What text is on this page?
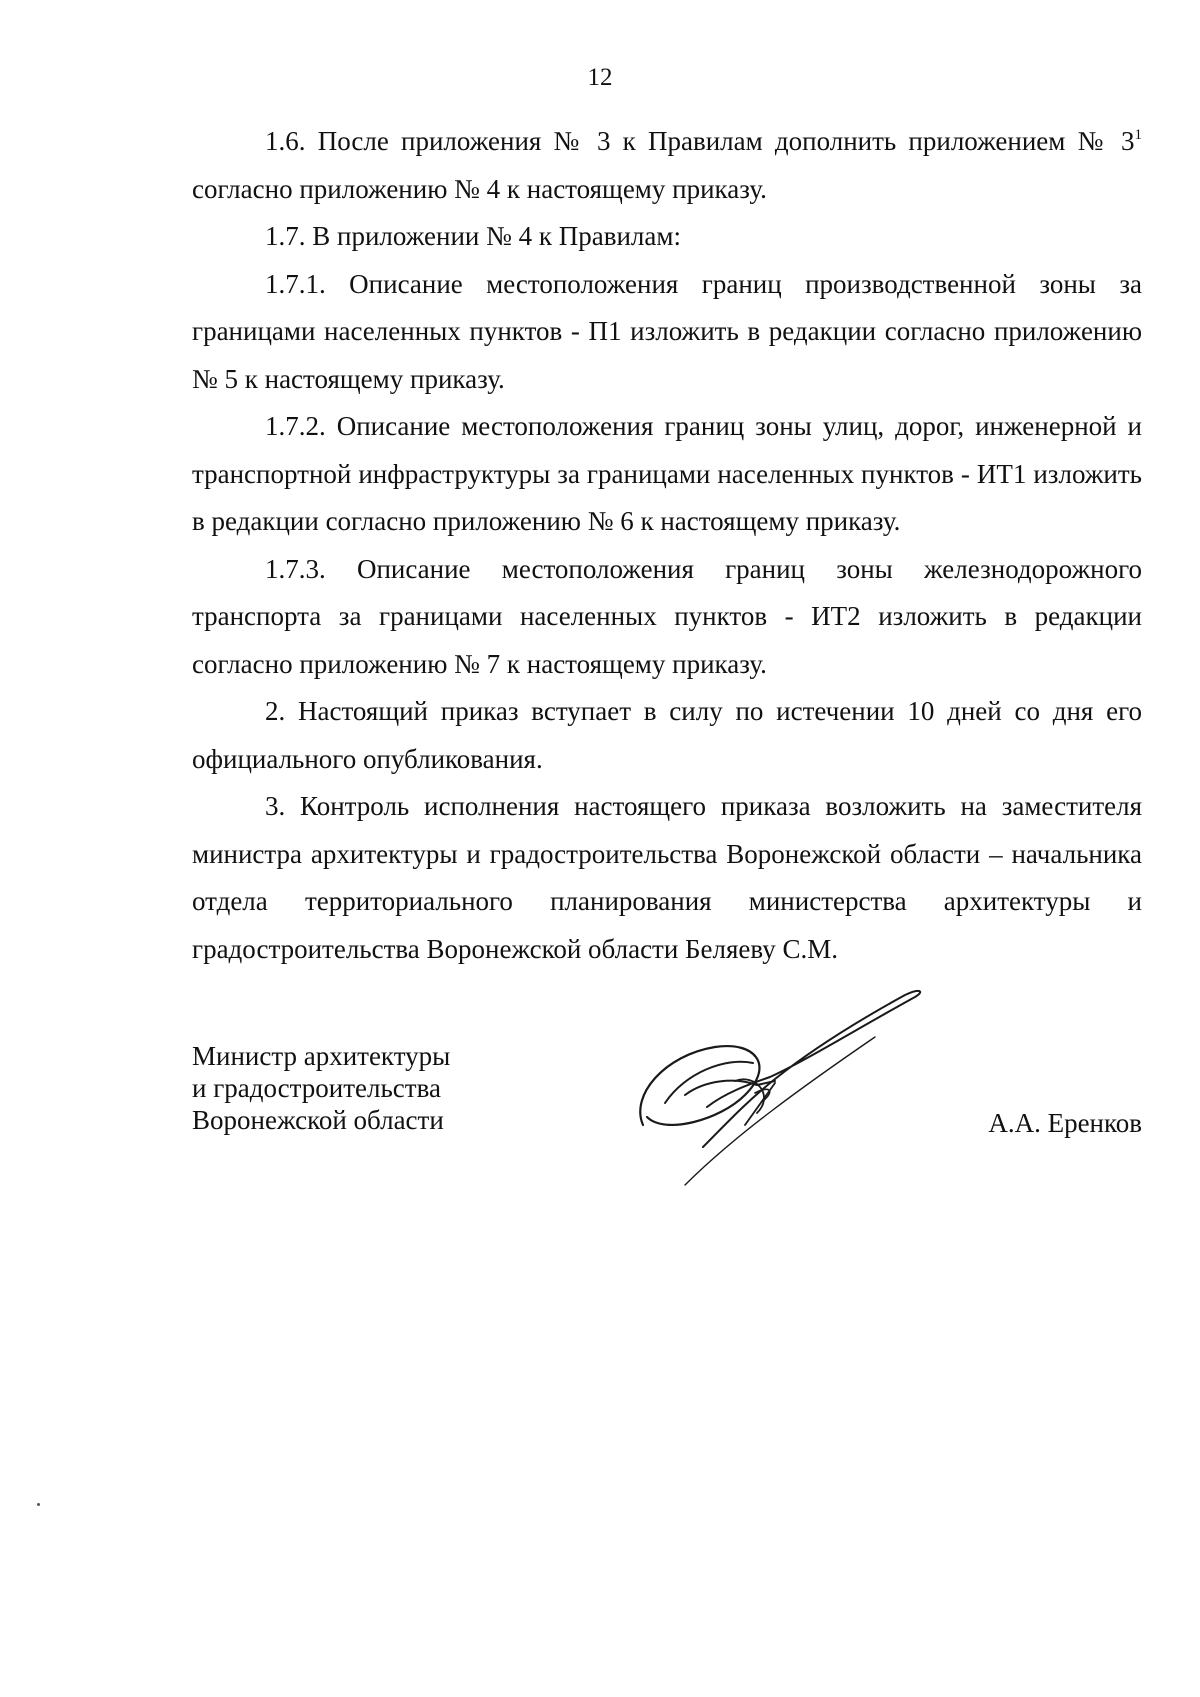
12

1.6. После приложения № 3 к Правилам дополнить приложением № $3^1$ согласно приложению № 4 к настоящему приказу.

1.7. В приложении № 4 к Правилам:

1.7.1. Описание местоположения границ производственной зоны за границами населенных пунктов - П1 изложить в редакции согласно приложению № 5 к настоящему приказу.

1.7.2. Описание местоположения границ зоны улиц, дорог, инженерной и транспортной инфраструктуры за границами населенных пунктов - ИТ1 изложить в редакции согласно приложению № 6 к настоящему приказу.

1.7.3. Описание местоположения границ зоны железнодорожного транспорта за границами населенных пунктов - ИТ2 изложить в редакции согласно приложению № 7 к настоящему приказу.

2. Настоящий приказ вступает в силу по истечении 10 дней со дня его официального опубликования.

3. Контроль исполнения настоящего приказа возложить на заместителя министра архитектуры и градостроительства Воронежской области – начальника отдела территориального планирования министерства архитектуры и градостроительства Воронежской области Беляеву С.М.

Министр архитектуры
и градостроительства
Воронежской области	А.А. Еренков
